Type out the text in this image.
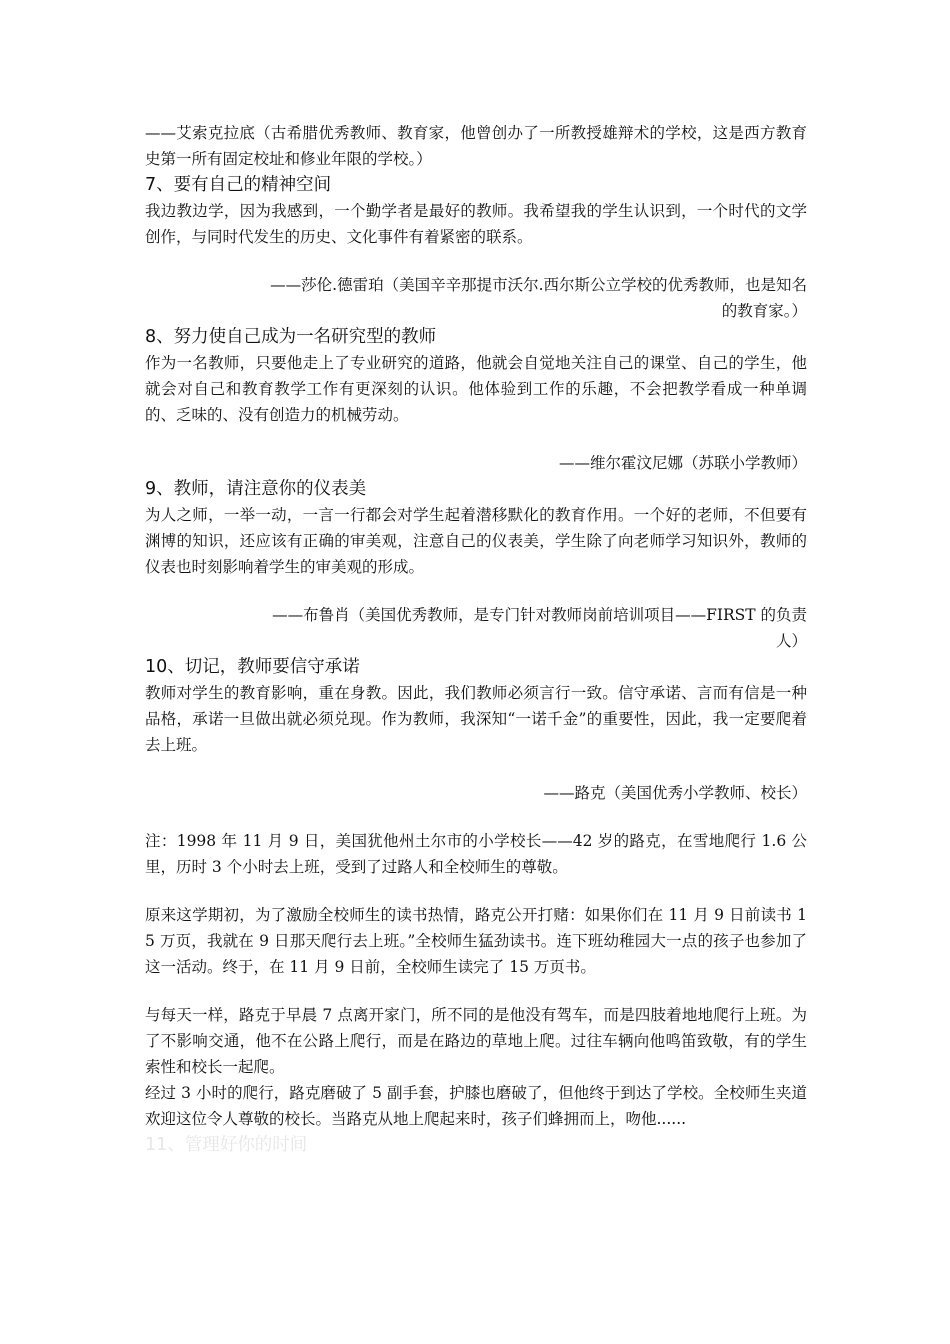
——艾索克拉底（古希腊优秀教师、教育家，他曾创办了一所教授雄辩术的学校，这是西方教育史第一所有固定校址和修业年限的学校。）

7、要有自己的精神空间

我边教边学，因为我感到，一个勤学者是最好的教师。我希望我的学生认识到，一个时代的文学创作，与同时代发生的历史、文化事件有着紧密的联系。

——莎伦.德雷珀（美国辛辛那提市沃尔.西尔斯公立学校的优秀教师，也是知名
的教育家。）
8、努力使自己成为一名研究型的教师

作为一名教师，只要他走上了专业研究的道路，他就会自觉地关注自己的课堂、自己的学生，他就会对自己和教育教学工作有更深刻的认识。他体验到工作的乐趣，不会把教学看成一种单调的、乏味的、没有创造力的机械劳动。

——维尔霍汶尼娜（苏联小学教师）
9、教师，请注意你的仪表美

为人之师，一举一动，一言一行都会对学生起着潜移默化的教育作用。一个好的老师，不但要有渊博的知识，还应该有正确的审美观，注意自己的仪表美，学生除了向老师学习知识外，教师的仪表也时刻影响着学生的审美观的形成。

——布鲁肖（美国优秀教师，是专门针对教师岗前培训项目——FIRST 的负责
人）
10、切记，教师要信守承诺

教师对学生的教育影响，重在身教。因此，我们教师必须言行一致。信守承诺、言而有信是一种品格，承诺一旦做出就必须兑现。作为教师，我深知“一诺千金”的重要性，因此，我一定要爬着去上班。

——路克（美国优秀小学教师、校长）

注：1998 年 11 月 9 日，美国犹他州土尔市的小学校长——42 岁的路克，在雪地爬行 1.6 公里，历时 3 个小时去上班，受到了过路人和全校师生的尊敬。

原来这学期初，为了激励全校师生的读书热情，路克公开打赌：如果你们在 11 月 9 日前读书 15 万页，我就在 9 日那天爬行去上班。”全校师生猛劲读书。连下班幼稚园大一点的孩子也参加了这一活动。终于，在 11 月 9 日前，全校师生读完了 15 万页书。

与每天一样，路克于早晨 7 点离开家门，所不同的是他没有驾车，而是四肢着地地爬行上班。为了不影响交通，他不在公路上爬行，而是在路边的草地上爬。过往车辆向他鸣笛致敬，有的学生索性和校长一起爬。

经过 3 小时的爬行，路克磨破了 5 副手套，护膝也磨破了，但他终于到达了学校。全校师生夹道欢迎这位令人尊敬的校长。当路克从地上爬起来时，孩子们蜂拥而上，吻他......

11、管理好你的时间
